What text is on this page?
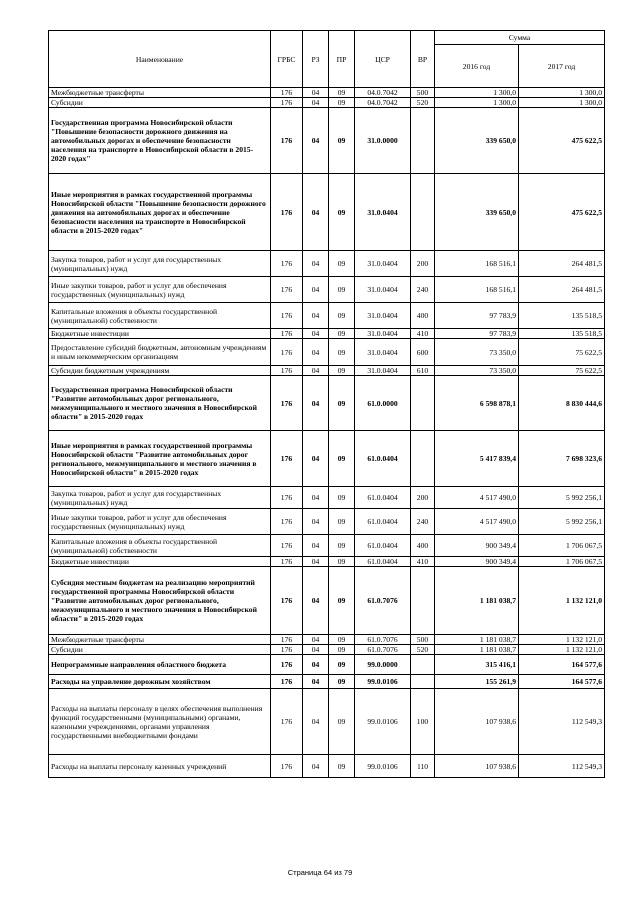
Наименование	ГРБС	РЗ	ПР	ЦСР	ВР	Сумма	
						2016 год	2017 год
Межбюджетные трансферты	176	04	09	04.0.7042	500	1 300,0	1 300,0
Субсидии	176	04	09	04.0.7042	520	1 300,0	1 300,0
Государственная программа Новосибирской области "Повышение безопасности дорожного движения на автомобильных дорогах и обеспечение безопасности населения на транспорте в Новосибирской области в 2015-2020 годах"	176	04	09	31.0.0000		339 650,0	475 622,5
Иные мероприятия в рамках государственной программы Новосибирской области "Повышение безопасности дорожного движения на автомобильных дорогах и обеспечение безопасности населения на транспорте в Новосибирской области в 2015-2020 годах"	176	04	09	31.0.0404		339 650,0	475 622,5
Закупка товаров, работ и услуг для государственных (муниципальных) нужд	176	04	09	31.0.0404	200	168 516,1	264 481,5
Иные закупки товаров, работ и услуг для обеспечения государственных (муниципальных) нужд	176	04	09	31.0.0404	240	168 516,1	264 481,5
Капитальные вложения в объекты государственной (муниципальной) собственности	176	04	09	31.0.0404	400	97 783,9	135 518,5
Бюджетные инвестиции	176	04	09	31.0.0404	410	97 783,9	135 518,5
Предоставление субсидий бюджетным, автономным учреждениям и иным некоммерческим организациям	176	04	09	31.0.0404	600	73 350,0	75 622,5
Субсидии бюджетным учреждениям	176	04	09	31.0.0404	610	73 350,0	75 622,5
Государственная программа Новосибирской области "Развитие автомобильных дорог регионального, межмуниципального и местного значения в Новосибирской области" в 2015-2020 годах	176	04	09	61.0.0000		6 598 878,1	8 830 444,6
Иные мероприятия в рамках государственной программы Новосибирской области "Развитие автомобильных дорог регионального, межмуниципального и местного значения в Новосибирской области" в 2015-2020 годах	176	04	09	61.0.0404		5 417 839,4	7 698 323,6
Закупка товаров, работ и услуг для государственных (муниципальных) нужд	176	04	09	61.0.0404	200	4 517 490,0	5 992 256,1
Иные закупки товаров, работ и услуг для обеспечения государственных (муниципальных) нужд	176	04	09	61.0.0404	240	4 517 490,0	5 992 256,1
Капитальные вложения в объекты государственной (муниципальной) собственности	176	04	09	61.0.0404	400	900 349,4	1 706 067,5
Бюджетные инвестиции	176	04	09	61.0.0404	410	900 349,4	1 706 067,5
Субсидия местным бюджетам на реализацию мероприятий государственной программы Новосибирской области "Развитие автомобильных дорог регионального, межмуниципального и местного значения в Новосибирской области" в 2015-2020 годах	176	04	09	61.0.7076		1 181 038,7	1 132 121,0
Межбюджетные трансферты	176	04	09	61.0.7076	500	1 181 038,7	1 132 121,0
Субсидии	176	04	09	61.0.7076	520	1 181 038,7	1 132 121,0
Непрограммные направления областного бюджета	176	04	09	99.0.0000		315 416,1	164 577,6
Расходы на управление дорожным хозяйством	176	04	09	99.0.0106		155 261,9	164 577,6
Расходы на выплаты персоналу в целях обеспечения выполнения функций государственными (муниципальными) органами, казенными учреждениями, органами управления государственными внебюджетными фондами	176	04	09	99.0.0106	100	107 938,6	112 549,3
Расходы на выплаты персоналу казенных учреждений	176	04	09	99.0.0106	110	107 938,6	112 549,3
Страница 64 из 79
